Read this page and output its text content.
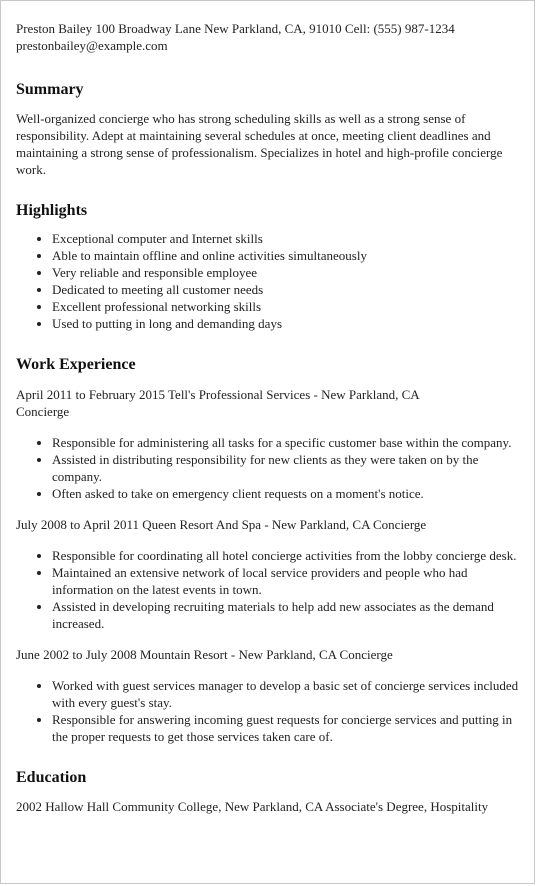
Preston Bailey 100 Broadway Lane New Parkland, CA, 91010 Cell: (555) 987-1234
prestonbailey@example.com

Summary

Well-organized concierge who has strong scheduling skills as well as a strong sense of responsibility. Adept at maintaining several schedules at once, meeting client deadlines and maintaining a strong sense of professionalism. Specializes in hotel and high-profile concierge work.

Highlights
• Exceptional computer and Internet skills
• Able to maintain offline and online activities simultaneously
• Very reliable and responsible employee
• Dedicated to meeting all customer needs
• Excellent professional networking skills
• Used to putting in long and demanding days
Work Experience

April 2011 to February 2015 Tell's Professional Services - New Parkland, CA
Concierge

• Responsible for administering all tasks for a specific customer base within the company.
• Assisted in distributing responsibility for new clients as they were taken on by the company.
• Often asked to take on emergency client requests on a moment's notice.

July 2008 to April 2011 Queen Resort And Spa - New Parkland, CA Concierge

• Responsible for coordinating all hotel concierge activities from the lobby concierge desk.
• Maintained an extensive network of local service providers and people who had information on the latest events in town.
• Assisted in developing recruiting materials to help add new associates as the demand increased.

June 2002 to July 2008 Mountain Resort - New Parkland, CA Concierge

• Worked with guest services manager to develop a basic set of concierge services included with every guest's stay.
• Responsible for answering incoming guest requests for concierge services and putting in the proper requests to get those services taken care of.
Education

2002 Hallow Hall Community College, New Parkland, CA Associate's Degree, Hospitality
